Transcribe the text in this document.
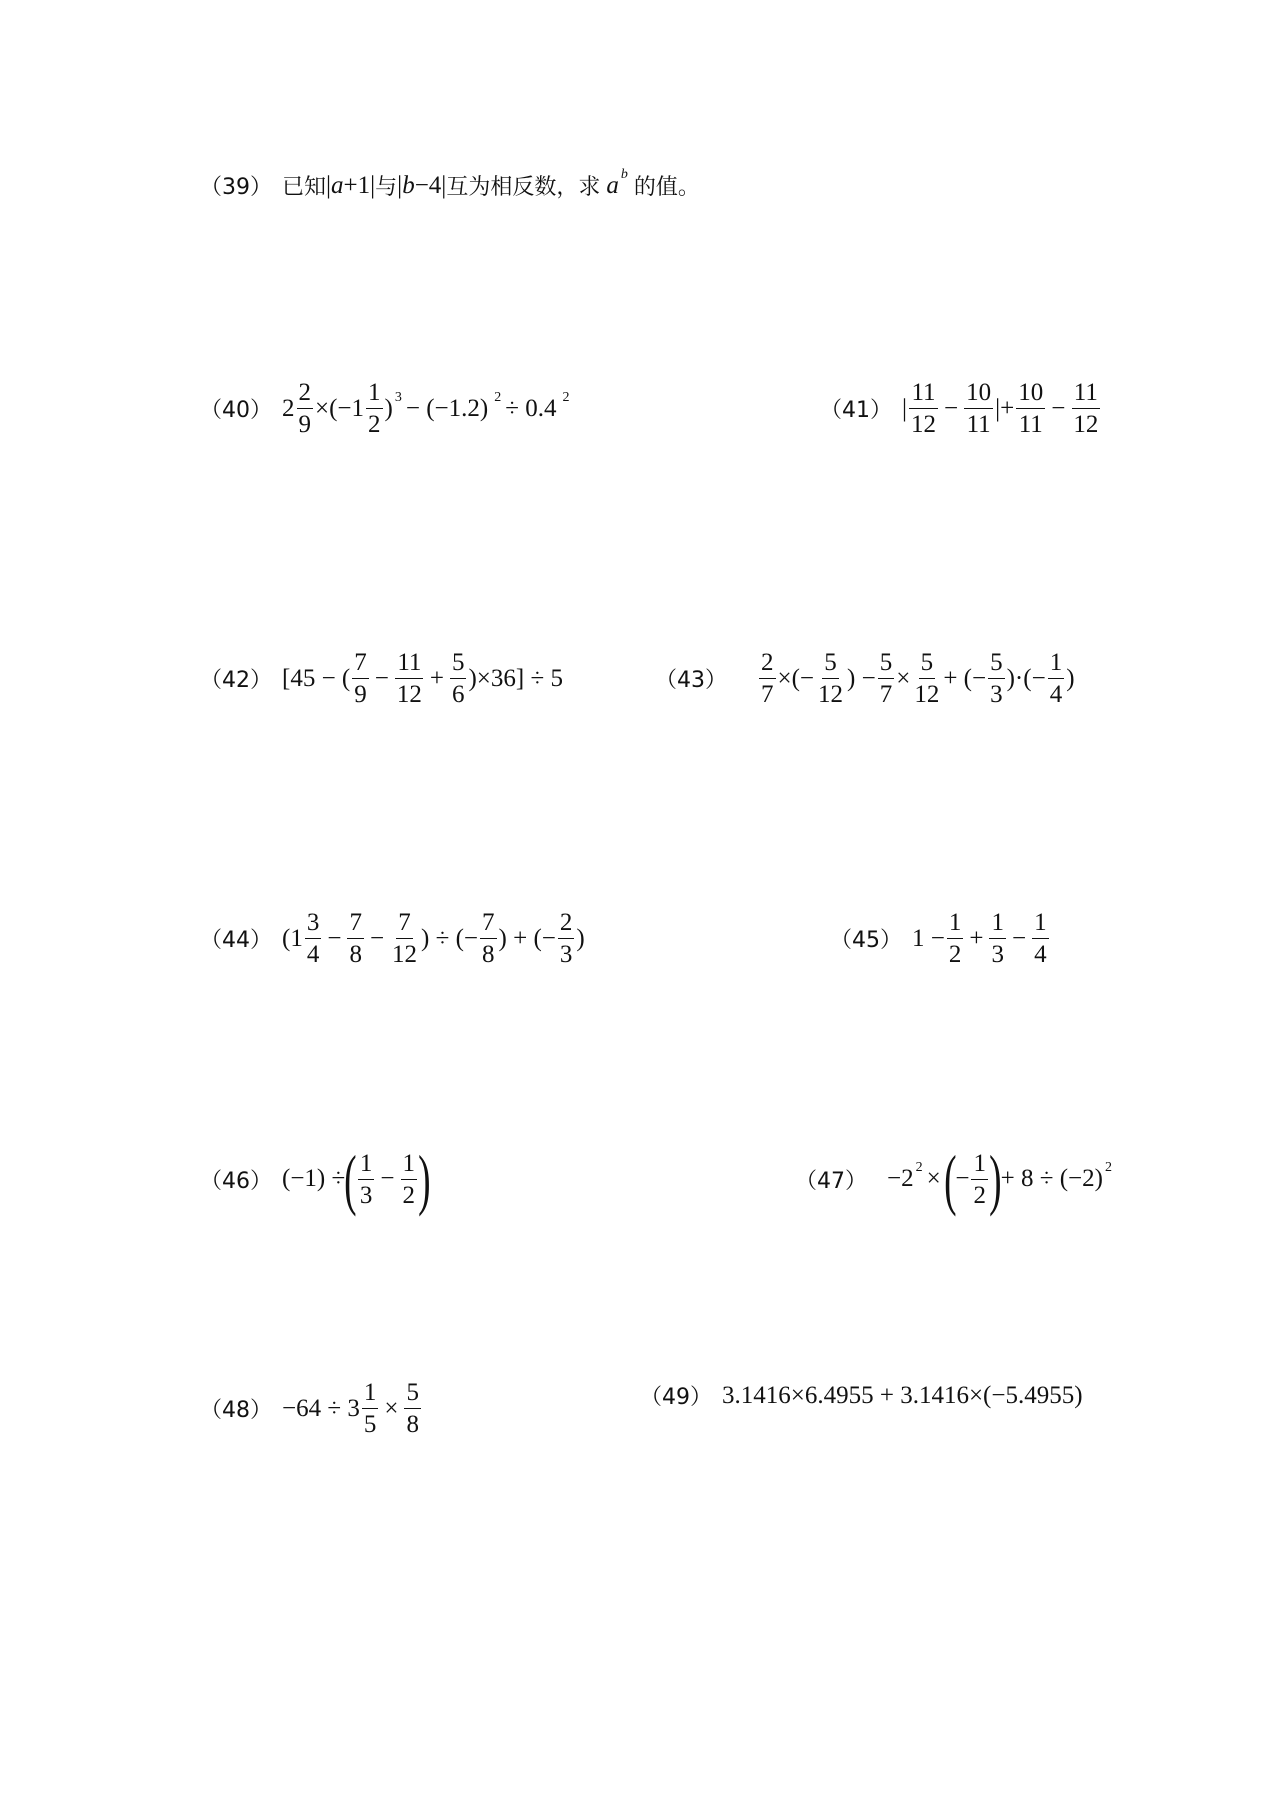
（39） 已知 | a +1 | 与 | b −4 | 互为相反数，求 a b
的值。
（40） $2 \frac{2}{9} \times(-1 \frac{1}{2}$ ) 3 − (−1.2) 2 ÷ 0.4 2
（41） | $\frac{11}{12} - \frac{10}{11}$ |+ $\frac{10}{11} - \frac{11}{12}$
（42） [45 − ( $\frac{7}{9} - \frac{11}{12} + \frac{5}{6} )\times 36] \div 5$	$(43) \frac{2}{7}$ ×(− $\frac{5}{12}$ ) − $\frac{5}{7} \times \frac{5}{12}$ + (− $\frac{5}{3}$ )·(− $\frac{1}{4}$ )
（44） ($1 \frac{3}{4} - \frac{7}{8} - \frac{7}{12}$ ) ÷ (− $\frac{7}{8}$ ) + (− $\frac{2}{3}$ )	（45） $1 - \frac{1}{2} + \frac{1}{3} - \frac{1}{4}$
（46） (−1) ÷ ( $\frac{1}{3} - \frac{1}{2}$ )	（47） −2 2 × ( − $\frac{1}{2}$ ) + 8 ÷ (−2) 2
$(48) -64 \div 3 \frac{1}{5} \times \frac{5}{8}$	（49） 3.1416×6.4955 + 3.1416×(−5.4955)
